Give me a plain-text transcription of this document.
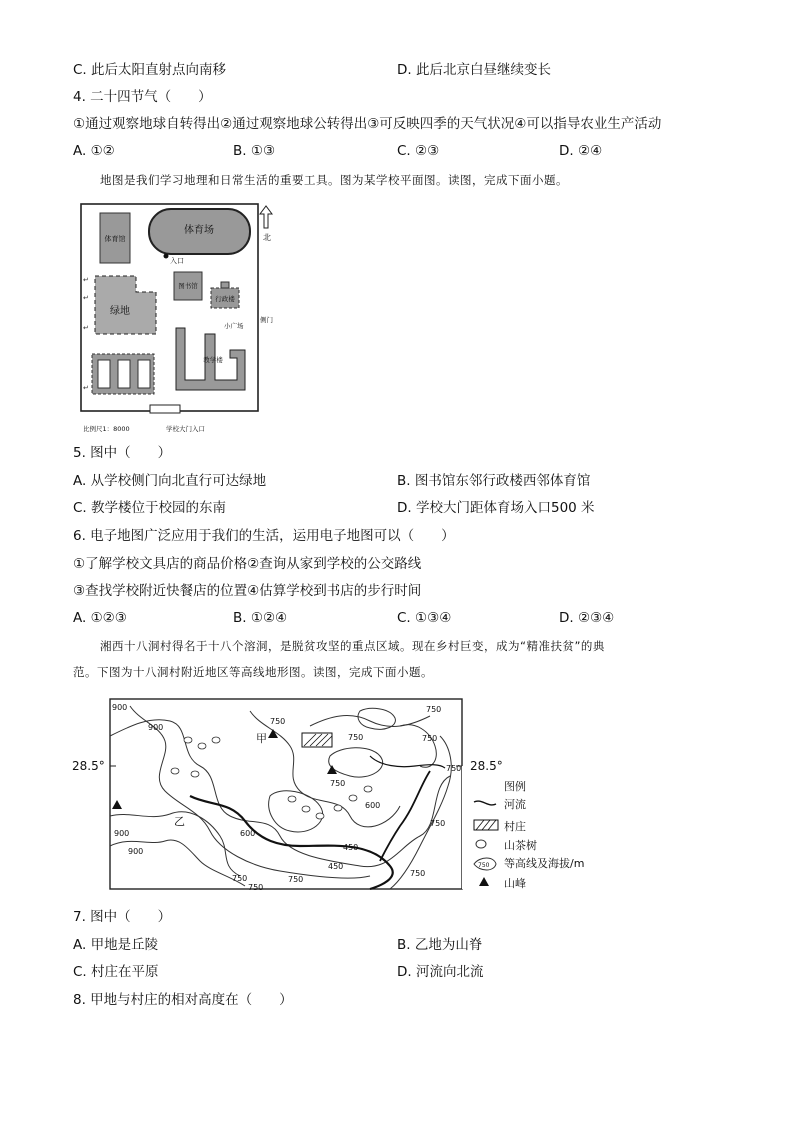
C. 此后太阳直射点向南移	D. 此后北京白昼继续变长
4. 二十四节气（　　）
①通过观察地球自转得出②通过观察地球公转得出③可反映四季的天气状况④可以指导农业生产活动
A. ①②	B. ①③	C. ②③	D. ②④
地图是我们学习地理和日常生活的重要工具。图为某学校平面图。读图，完成下面小题。
体育馆
体育场
入口
北
图书馆
行政楼
绿地
侧门
小广场
教学楼
↵
↵
↵
↵
比例尺1：8000	学校大门入口
5. 图中（　　）
A. 从学校侧门向北直行可达绿地	B. 图书馆东邻行政楼西邻体育馆
C. 教学楼位于校园的东南	D. 学校大门距体育场入口500 米
6. 电子地图广泛应用于我们的生活，运用电子地图可以（　　）
①了解学校文具店的商品价格②查询从家到学校的公交路线
③查找学校附近快餐店的位置④估算学校到书店的步行时间
A. ①②③	B. ①②④	C. ①③④	D. ②③④
湘西十八洞村得名于十八个溶洞，是脱贫攻坚的重点区域。现在乡村巨变，成为“精准扶贫”的典
范。下图为十八洞村附近地区等高线地形图。读图，完成下面小题。
28.5°	28.5°
甲
乙
900
900
750
750
750
750
750
750
750
600
600
450
450
900
900
750
750
750
750
图例
河流
村庄
山茶树
750 等高线及海拔/m
山峰
7. 图中（　　）
A. 甲地是丘陵	B. 乙地为山脊
C. 村庄在平原	D. 河流向北流
8. 甲地与村庄的相对高度在（　　）
